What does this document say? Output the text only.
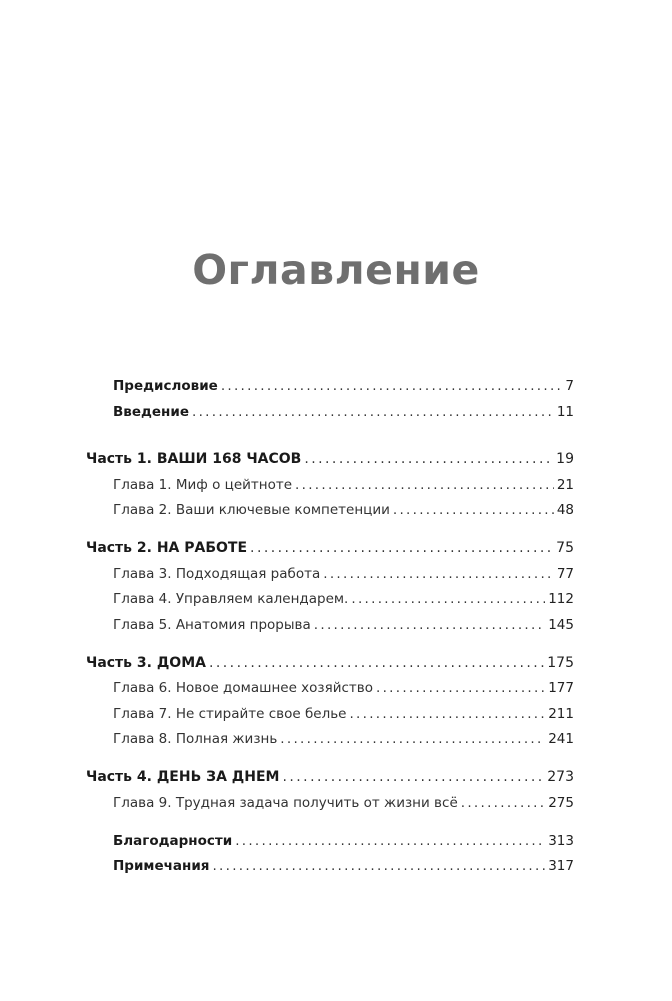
Оглавление
Предисловие . . .	7
Введение . . .	11
Часть 1. ВАШИ 168 ЧАСОВ . . .	19
Глава 1. Миф о цейтноте . . .	21
Глава 2. Ваши ключевые компетенции . . .	48
Часть 2. НА РАБОТЕ . . .	75
Глава 3. Подходящая работа . . .	77
Глава 4. Управляем календарем. . . .	112
Глава 5. Анатомия прорыва . . .	145
Часть 3. ДОМА . . .	175
Глава 6. Новое домашнее хозяйство . . .	177
Глава 7. Не стирайте свое белье . . .	211
Глава 8. Полная жизнь . . .	241
Часть 4. ДЕНЬ ЗА ДНЕМ . . .	273
Глава 9. Трудная задача получить от жизни всё . . .	275
Благодарности . . .	313
Примечания . . .	317
